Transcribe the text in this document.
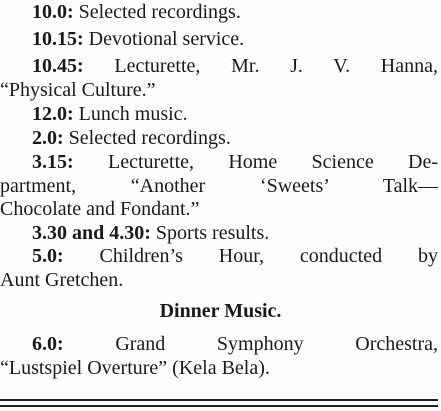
10.0: Selected recordings.
10.15: Devotional service.
10.45: Lecturette, Mr. J. V. Hanna,
“Physical Culture.”
12.0: Lunch music.
2.0: Selected recordings.
3.15: Lecturette, Home Science De-
partment, “Another ‘Sweets’ Talk—
Chocolate and Fondant.”
3.30 and 4.30: Sports results.
5.0: Children’s Hour, conducted by
Aunt Gretchen.
Dinner Music.
6.0:	Grand Symphony Orchestra,
“Lustspiel Overture” (Kela Bela).
